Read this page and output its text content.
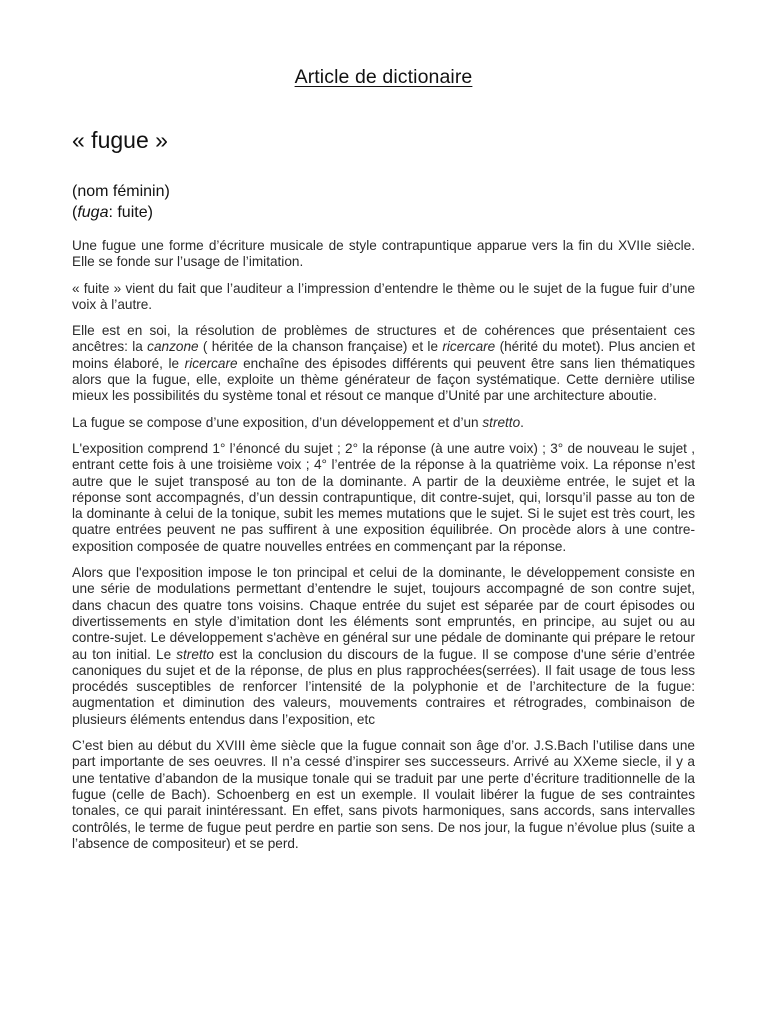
Article de dictionaire
« fugue »
(nom féminin)
(fuga: fuite)

Une fugue une forme d’écriture musicale de style contrapuntique apparue vers la fin du XVIIe siècle. Elle se fonde sur l’usage de l’imitation.

« fuite » vient du fait que l’auditeur a l’impression d’entendre le thème ou le sujet de la fugue fuir d’une voix à l’autre.

Elle est en soi, la résolution de problèmes de structures et de cohérences que présentaient ces ancêtres: la canzone ( héritée de la chanson française) et le ricercare (hérité du motet). Plus ancien et moins élaboré, le ricercare enchaîne des épisodes différents qui peuvent être sans lien thématiques alors que la fugue, elle, exploite un thème générateur de façon systématique. Cette dernière utilise mieux les possibilités du système tonal et résout ce manque d’Unité par une architecture aboutie.

La fugue se compose d’une exposition, d’un développement et d’un stretto.

L'exposition comprend 1° l’énoncé du sujet ; 2° la réponse (à une autre voix) ; 3° de nouveau le sujet , entrant cette fois à une troisième voix ; 4° l’entrée de la réponse à la quatrième voix. La réponse n’est autre que le sujet transposé au ton de la dominante. A partir de la deuxième entrée, le sujet et la réponse sont accompagnés, d’un dessin contrapuntique, dit contre-sujet, qui, lorsqu’il passe au ton de la dominante à celui de la tonique, subit les memes mutations que le sujet. Si le sujet est très court, les quatre entrées peuvent ne pas suffirent à une exposition équilibrée. On procède alors à une contre-exposition composée de quatre nouvelles entrées en commençant par la réponse.

Alors que l'exposition impose le ton principal et celui de la dominante, le développement consiste en une série de modulations permettant d’entendre le sujet, toujours accompagné de son contre sujet, dans chacun des quatre tons voisins. Chaque entrée du sujet est séparée par de court épisodes ou divertissements en style d’imitation dont les éléments sont empruntés, en principe, au sujet ou au contre-sujet. Le développement s'achève en général sur une pédale de dominante qui prépare le retour au ton initial. Le stretto est la conclusion du discours de la fugue. Il se compose d'une série d’entrée canoniques du sujet et de la réponse, de plus en plus rapprochées(serrées). Il fait usage de tous less procédés susceptibles de renforcer l’intensité de la polyphonie et de l’architecture de la fugue: augmentation et diminution des valeurs, mouvements contraires et rétrogrades, combinaison de plusieurs éléments entendus dans l’exposition, etc

C’est bien au début du XVIII ème siècle que la fugue connait son âge d’or. J.S.Bach l’utilise dans une part importante de ses oeuvres. Il n’a cessé d’inspirer ses successeurs. Arrivé au XXeme siecle, il y a une tentative d’abandon de la musique tonale qui se traduit par une perte d’écriture traditionnelle de la fugue (celle de Bach). Schoenberg en est un exemple. Il voulait libérer la fugue de ses contraintes tonales, ce qui parait inintéressant. En effet, sans pivots harmoniques, sans accords, sans intervalles contrôlés, le terme de fugue peut perdre en partie son sens. De nos jour, la fugue n’évolue plus (suite a l’absence de compositeur) et se perd.
